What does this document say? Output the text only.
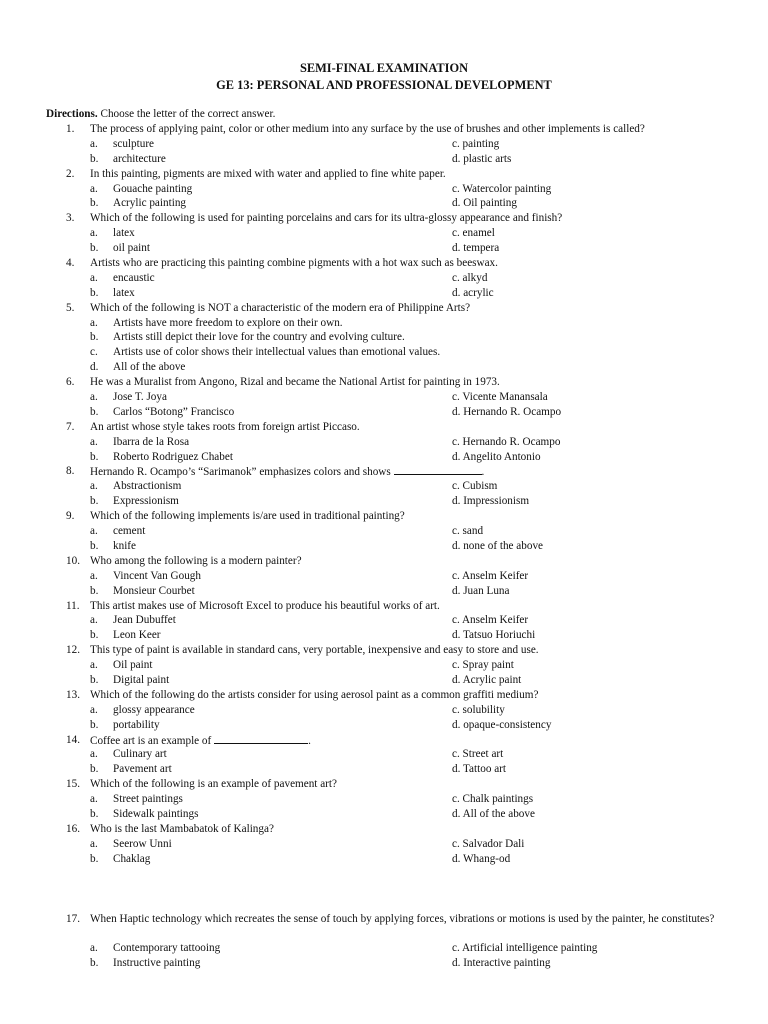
SEMI-FINAL EXAMINATION
GE 13: PERSONAL AND PROFESSIONAL DEVELOPMENT
Directions. Choose the letter of the correct answer.
1. The process of applying paint, color or other medium into any surface by the use of brushes and other implements is called?
a. sculpture	c. painting
b. architecture	d. plastic arts
2. In this painting, pigments are mixed with water and applied to fine white paper.
a. Gouache painting	c. Watercolor painting
b. Acrylic painting	d. Oil painting
3. Which of the following is used for painting porcelains and cars for its ultra-glossy appearance and finish?
a. latex	c. enamel
b. oil paint	d. tempera
4. Artists who are practicing this painting combine pigments with a hot wax such as beeswax.
a. encaustic	c. alkyd
b. latex	d. acrylic
5. Which of the following is NOT a characteristic of the modern era of Philippine Arts?
a. Artists have more freedom to explore on their own.
b. Artists still depict their love for the country and evolving culture.
c. Artists use of color shows their intellectual values than emotional values.
d. All of the above
6. He was a Muralist from Angono, Rizal and became the National Artist for painting in 1973.
a. Jose T. Joya	c. Vicente Manansala
b. Carlos “Botong” Francisco	d. Hernando R. Ocampo
7. An artist whose style takes roots from foreign artist Piccaso.
a. Ibarra de la Rosa	c. Hernando R. Ocampo
b. Roberto Rodriguez Chabet	d. Angelito Antonio
8. Hernando R. Ocampo’s “Sarimanok” emphasizes colors and shows	.
a. Abstractionism	c. Cubism
b. Expressionism	d. Impressionism
9. Which of the following implements is/are used in traditional painting?
a. cement	c. sand
b. knife	d. none of the above
10. Who among the following is a modern painter?
a. Vincent Van Gough	c. Anselm Keifer
b. Monsieur Courbet	d. Juan Luna
11. This artist makes use of Microsoft Excel to produce his beautiful works of art.
a. Jean Dubuffet	c. Anselm Keifer
b. Leon Keer	d. Tatsuo Horiuchi
12. This type of paint is available in standard cans, very portable, inexpensive and easy to store and use.
a. Oil paint	c. Spray paint
b. Digital paint	d. Acrylic paint
13. Which of the following do the artists consider for using aerosol paint as a common graffiti medium?
a. glossy appearance	c. solubility
b. portability	d. opaque-consistency
14. Coffee art is an example of	.
a. Culinary art	c. Street art
b. Pavement art	d. Tattoo art
15. Which of the following is an example of pavement art?
a. Street paintings	c. Chalk paintings
b. Sidewalk paintings	d. All of the above
16. Who is the last Mambabatok of Kalinga?
a. Seerow Unni	c. Salvador Dali
b. Chaklag	d. Whang-od
17. When Haptic technology which recreates the sense of touch by applying forces, vibrations or motions is used by the painter, he constitutes?
a. Contemporary tattooing	c. Artificial intelligence painting
b. Instructive painting	d. Interactive painting
